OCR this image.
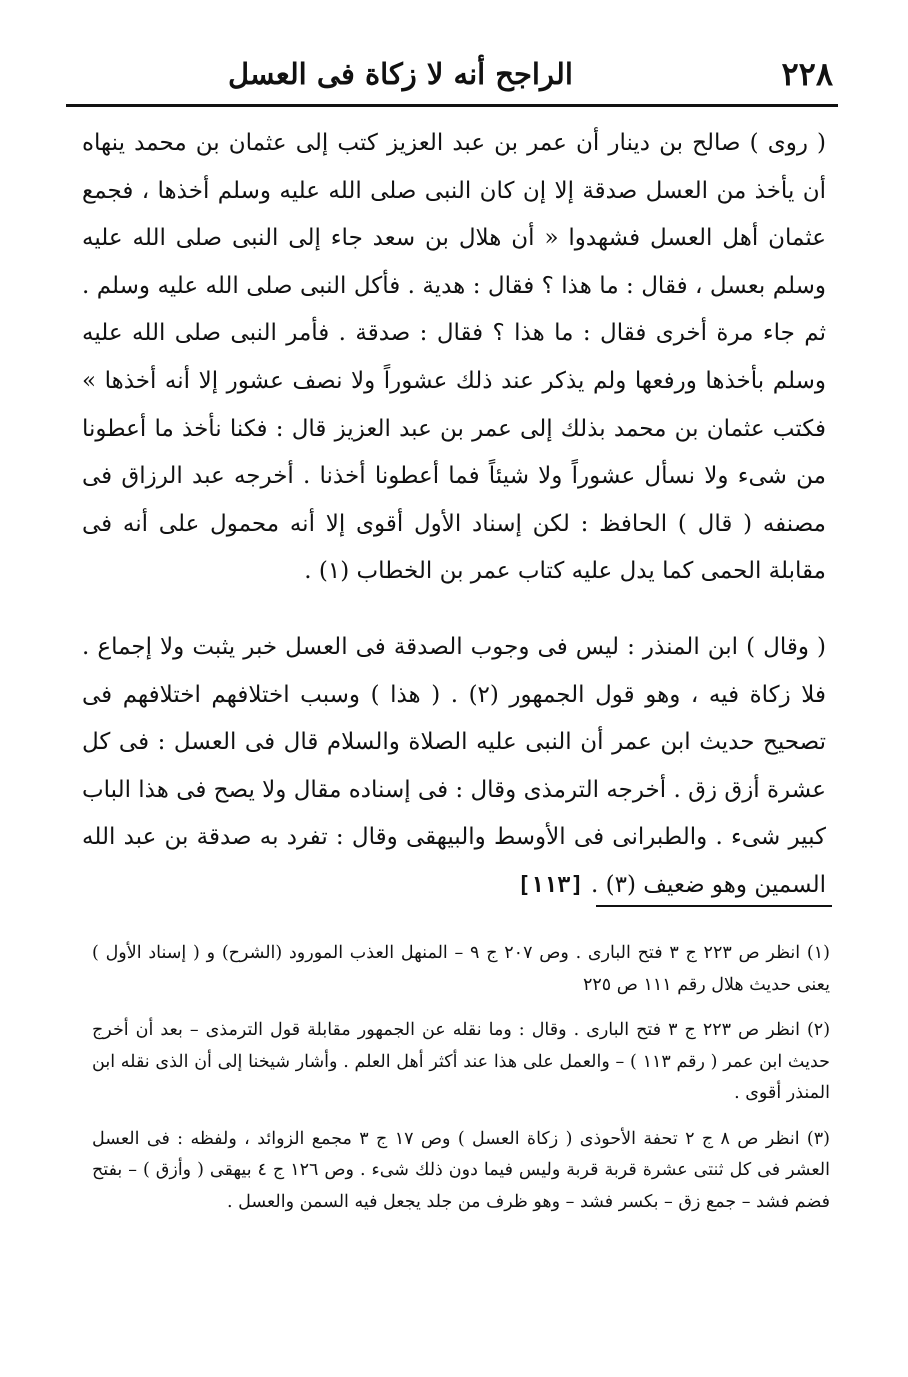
٢٢٨
الراجح أنه لا زكاة فى العسل

( روى ) صالح بن دينار أن عمر بن عبد العزيز كتب إلى عثمان بن محمد ينهاه أن يأخذ من العسل صدقة إلا إن كان النبى صلى الله عليه وسلم أخذها ، فجمع عثمان أهل العسل فشهدوا « أن هلال بن سعد جاء إلى النبى صلى الله عليه وسلم بعسل ، فقال : ما هذا ؟ فقال : هدية . فأكل النبى صلى الله عليه وسلم . ثم جاء مرة أخرى فقال : ما هذا ؟ فقال : صدقة . فأمر النبى صلى الله عليه وسلم بأخذها ورفعها ولم يذكر عند ذلك عشوراً ولا نصف عشور إلا أنه أخذها » فكتب عثمان بن محمد بذلك إلى عمر بن عبد العزيز قال : فكنا نأخذ ما أعطونا من شىء ولا نسأل عشوراً ولا شيئاً فما أعطونا أخذنا . أخرجه عبد الرزاق فى مصنفه ( قال ) الحافظ : لكن إسناد الأول أقوى إلا أنه محمول على أنه فى مقابلة الحمى كما يدل عليه كتاب عمر بن الخطاب (١) .

( وقال ) ابن المنذر : ليس فى وجوب الصدقة فى العسل خبر يثبت ولا إجماع . فلا زكاة فيه ، وهو قول الجمهور (٢) . ( هذا ) وسبب اختلافهم اختلافهم فى تصحيح حديث ابن عمر أن النبى عليه الصلاة والسلام قال فى العسل : فى كل عشرة أزق زق . أخرجه الترمذى وقال : فى إسناده مقال ولا يصح فى هذا الباب كبير شىء . والطبرانى فى الأوسط والبيهقى وقال : تفرد به صدقة بن عبد الله السمين وهو ضعيف (٣) . [١١٣]

(١) انظر ص ٢٢٣ ج ٣ فتح البارى . وص ٢٠٧ ج ٩ – المنهل العذب المورود (الشرح) و ( إسناد الأول ) يعنى حديث هلال رقم ١١١ ص ٢٢٥

(٢) انظر ص ٢٢٣ ج ٣ فتح البارى . وقال : وما نقله عن الجمهور مقابلة قول الترمذى – بعد أن أخرج حديث ابن عمر ( رقم ١١٣ ) – والعمل على هذا عند أكثر أهل العلم . وأشار شيخنا إلى أن الذى نقله ابن المنذر أقوى .

(٣) انظر ص ٨ ج ٢ تحفة الأحوذى ( زكاة العسل ) وص ١٧ ج ٣ مجمع الزوائد ، ولفظه : فى العسل العشر فى كل ثنتى عشرة قربة قربة وليس فيما دون ذلك شىء . وص ١٢٦ ج ٤ بيهقى ( وأزق ) – بفتح فضم فشد – جمع زق – بكسر فشد – وهو ظرف من جلد يجعل فيه السمن والعسل .
